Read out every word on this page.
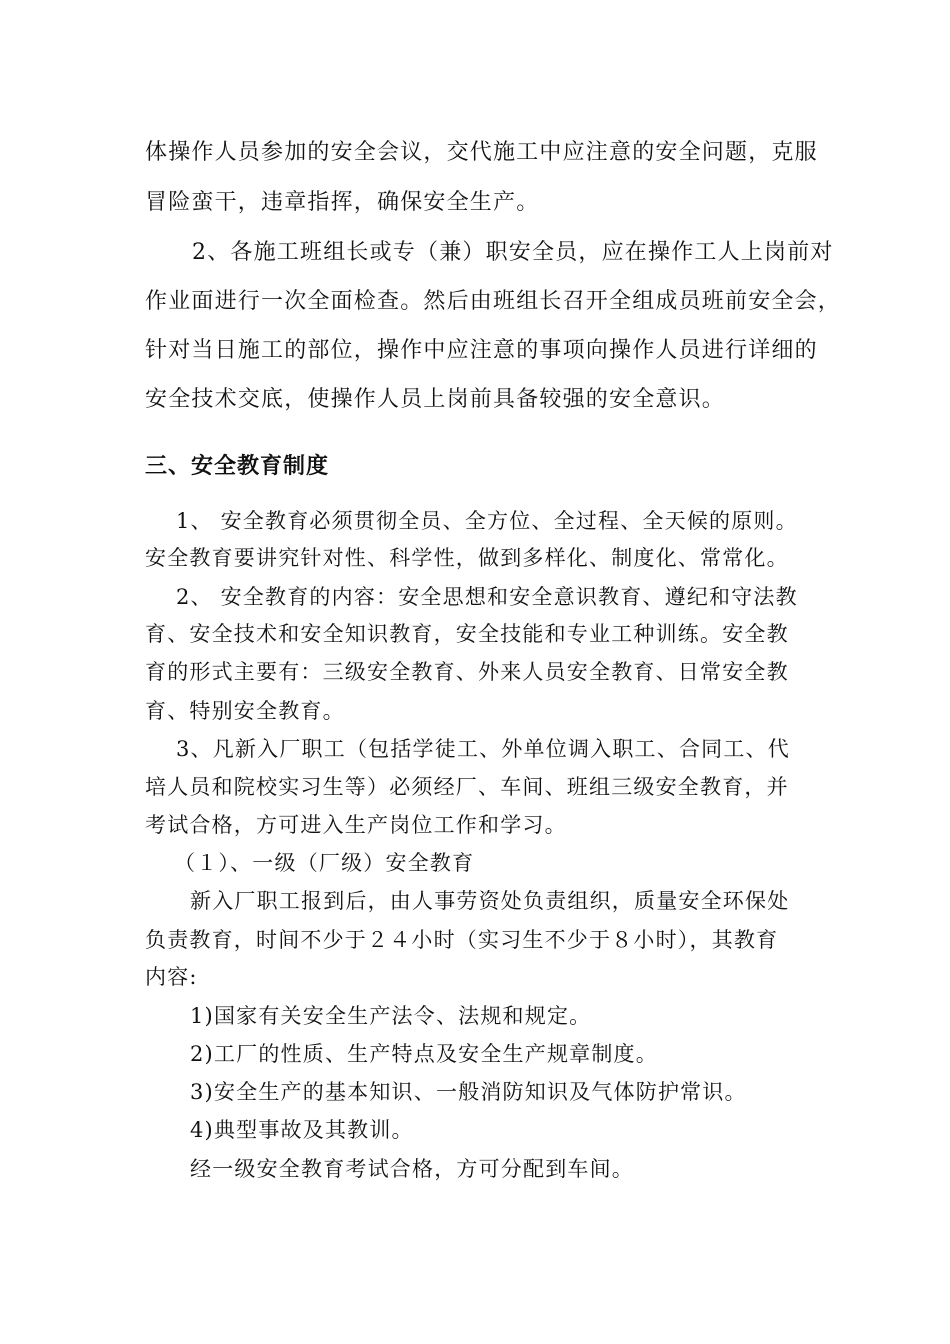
体操作人员参加的安全会议，交代施工中应注意的安全问题，克服
冒险蛮干，违章指挥，确保安全生产。
2、各施工班组长或专（兼）职安全员，应在操作工人上岗前对
作业面进行一次全面检查。然后由班组长召开全组成员班前安全会，
针对当日施工的部位，操作中应注意的事项向操作人员进行详细的
安全技术交底，使操作人员上岗前具备较强的安全意识。
三、安全教育制度
1、 安全教育必须贯彻全员、全方位、全过程、全天候的原则。
安全教育要讲究针对性、科学性，做到多样化、制度化、常常化。
2、 安全教育的内容：安全思想和安全意识教育、遵纪和守法教
育、安全技术和安全知识教育，安全技能和专业工种训练。安全教
育的形式主要有：三级安全教育、外来人员安全教育、日常安全教
育、特别安全教育。
3、凡新入厂职工（包括学徒工、外单位调入职工、合同工、代
培人员和院校实习生等）必须经厂、车间、班组三级安全教育，并
考试合格，方可进入生产岗位工作和学习。
（１）、一级（厂级）安全教育
新入厂职工报到后，由人事劳资处负责组织，质量安全环保处
负责教育，时间不少于２４小时（实习生不少于８小时），其教育
内容:
1)国家有关安全生产法令、法规和规定。
2)工厂的性质、生产特点及安全生产规章制度。
3)安全生产的基本知识、一般消防知识及气体防护常识。
4)典型事故及其教训。
经一级安全教育考试合格，方可分配到车间。
